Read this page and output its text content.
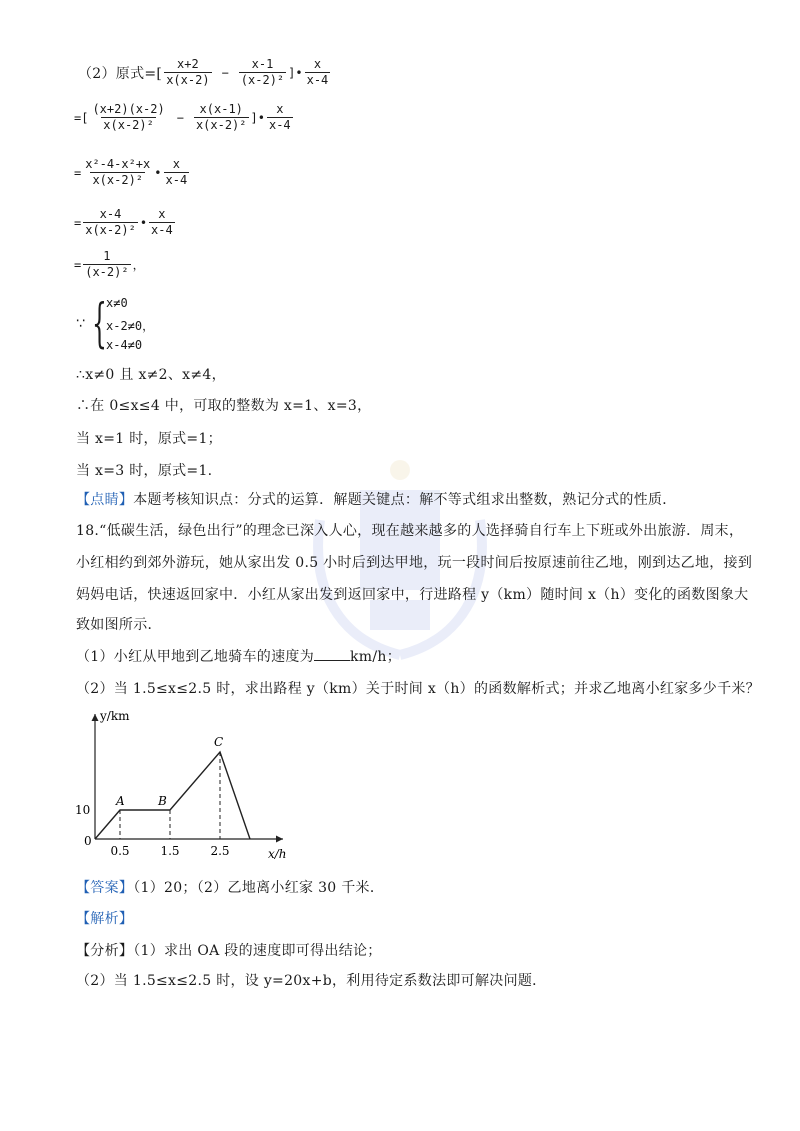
（2）原式=[ $\frac{x+2}{x(x-2)} - \frac{x-1}{\text{(x-2)²}}$ ]• $\frac{x}{x-4}$
=[ $\frac{(x+2)(x-2)}{\text{x(x-2)²}} - \frac{x(x-1)}{\text{x(x-2)²}}$ ]• $\frac{x}{x-4}$
= $\frac{\text{x²-4-x²+x}}{\text{x(x-2)²}}$ • $\frac{x}{x-4}$
= $\frac{x-4}{\text{x(x-2)²}}$ • $\frac{x}{x-4}$
= $\frac{1}{\text{(x-2)²}}$ ，
∵ { x≠0
x-2≠0，
x-4≠0
∴x≠0 且 x≠2、x≠4，
∴在 0≤x≤4 中，可取的整数为 x=1、x=3，
当 x=1 时，原式=1；
当 x=3 时，原式=1.
【点睛】本题考核知识点：分式的运算．解题关键点：解不等式组求出整数，熟记分式的性质．
18.“低碳生活，绿色出行”的理念已深入人心，现在越来越多的人选择骑自行车上下班或外出旅游．周末，
小红相约到郊外游玩，她从家出发 0.5 小时后到达甲地，玩一段时间后按原速前往乙地，刚到达乙地，接到
妈妈电话，快速返回家中．小红从家出发到返回家中，行进路程 y（km）随时间 x（h）变化的函数图象大
致如图所示．
（1）小红从甲地到乙地骑车的速度为	km/h；
（2）当 1.5≤x≤2.5 时，求出路程 y（km）关于时间 x（h）的函数解析式；并求乙地离小红家多少千米？
y/km
x/h
0
10
0.5	1.5	2.5
A	B
C
【答案】（1）20；（2）乙地离小红家 30 千米．
【解析】
【分析】（1）求出 OA 段的速度即可得出结论；
（2）当 1.5≤x≤2.5 时，设 y=20x+b，利用待定系数法即可解决问题．
